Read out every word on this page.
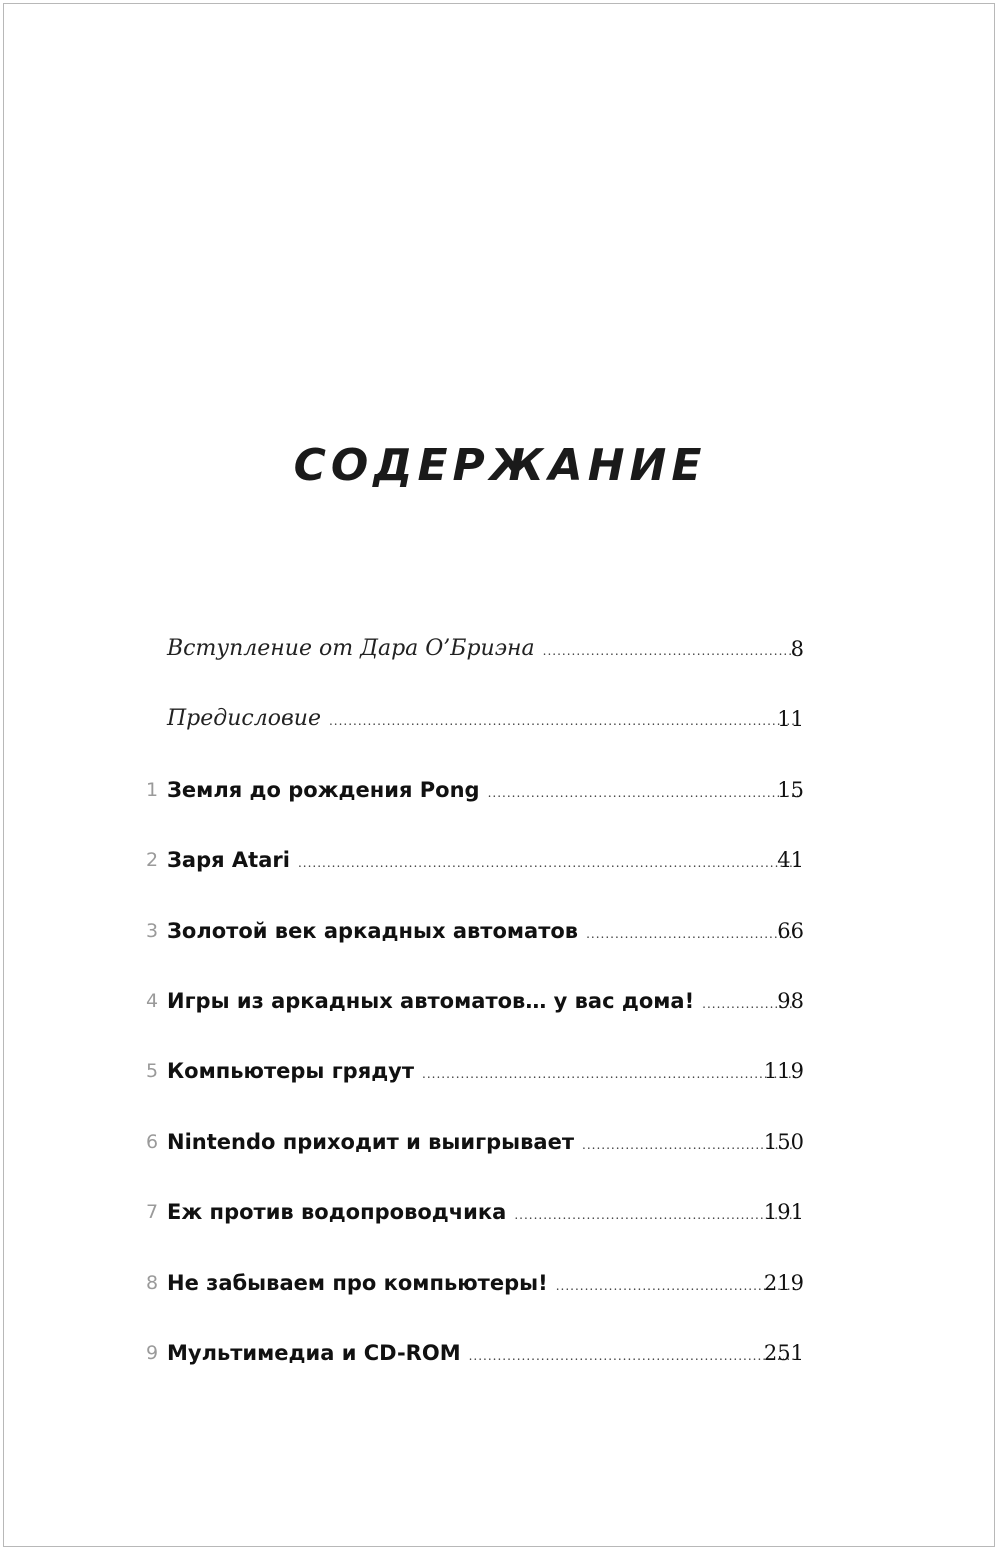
СОДЕРЖАНИЕ
Вступление от Дара О’Бриэна .....	8
Предисловие .....	11
1 Земля до рождения Pong .....	15
2 Заря Atari .....	41
3 Золотой век аркадных автоматов .....	66
4 Игры из аркадных автоматов… у вас дома! .....	98
5 Компьютеры грядут .....	119
6 Nintendo приходит и выигрывает .....	150
7 Еж против водопроводчика .....	191
8 Не забываем про компьютеры! .....	219
9 Мультимедиа и CD-ROM .....	251
